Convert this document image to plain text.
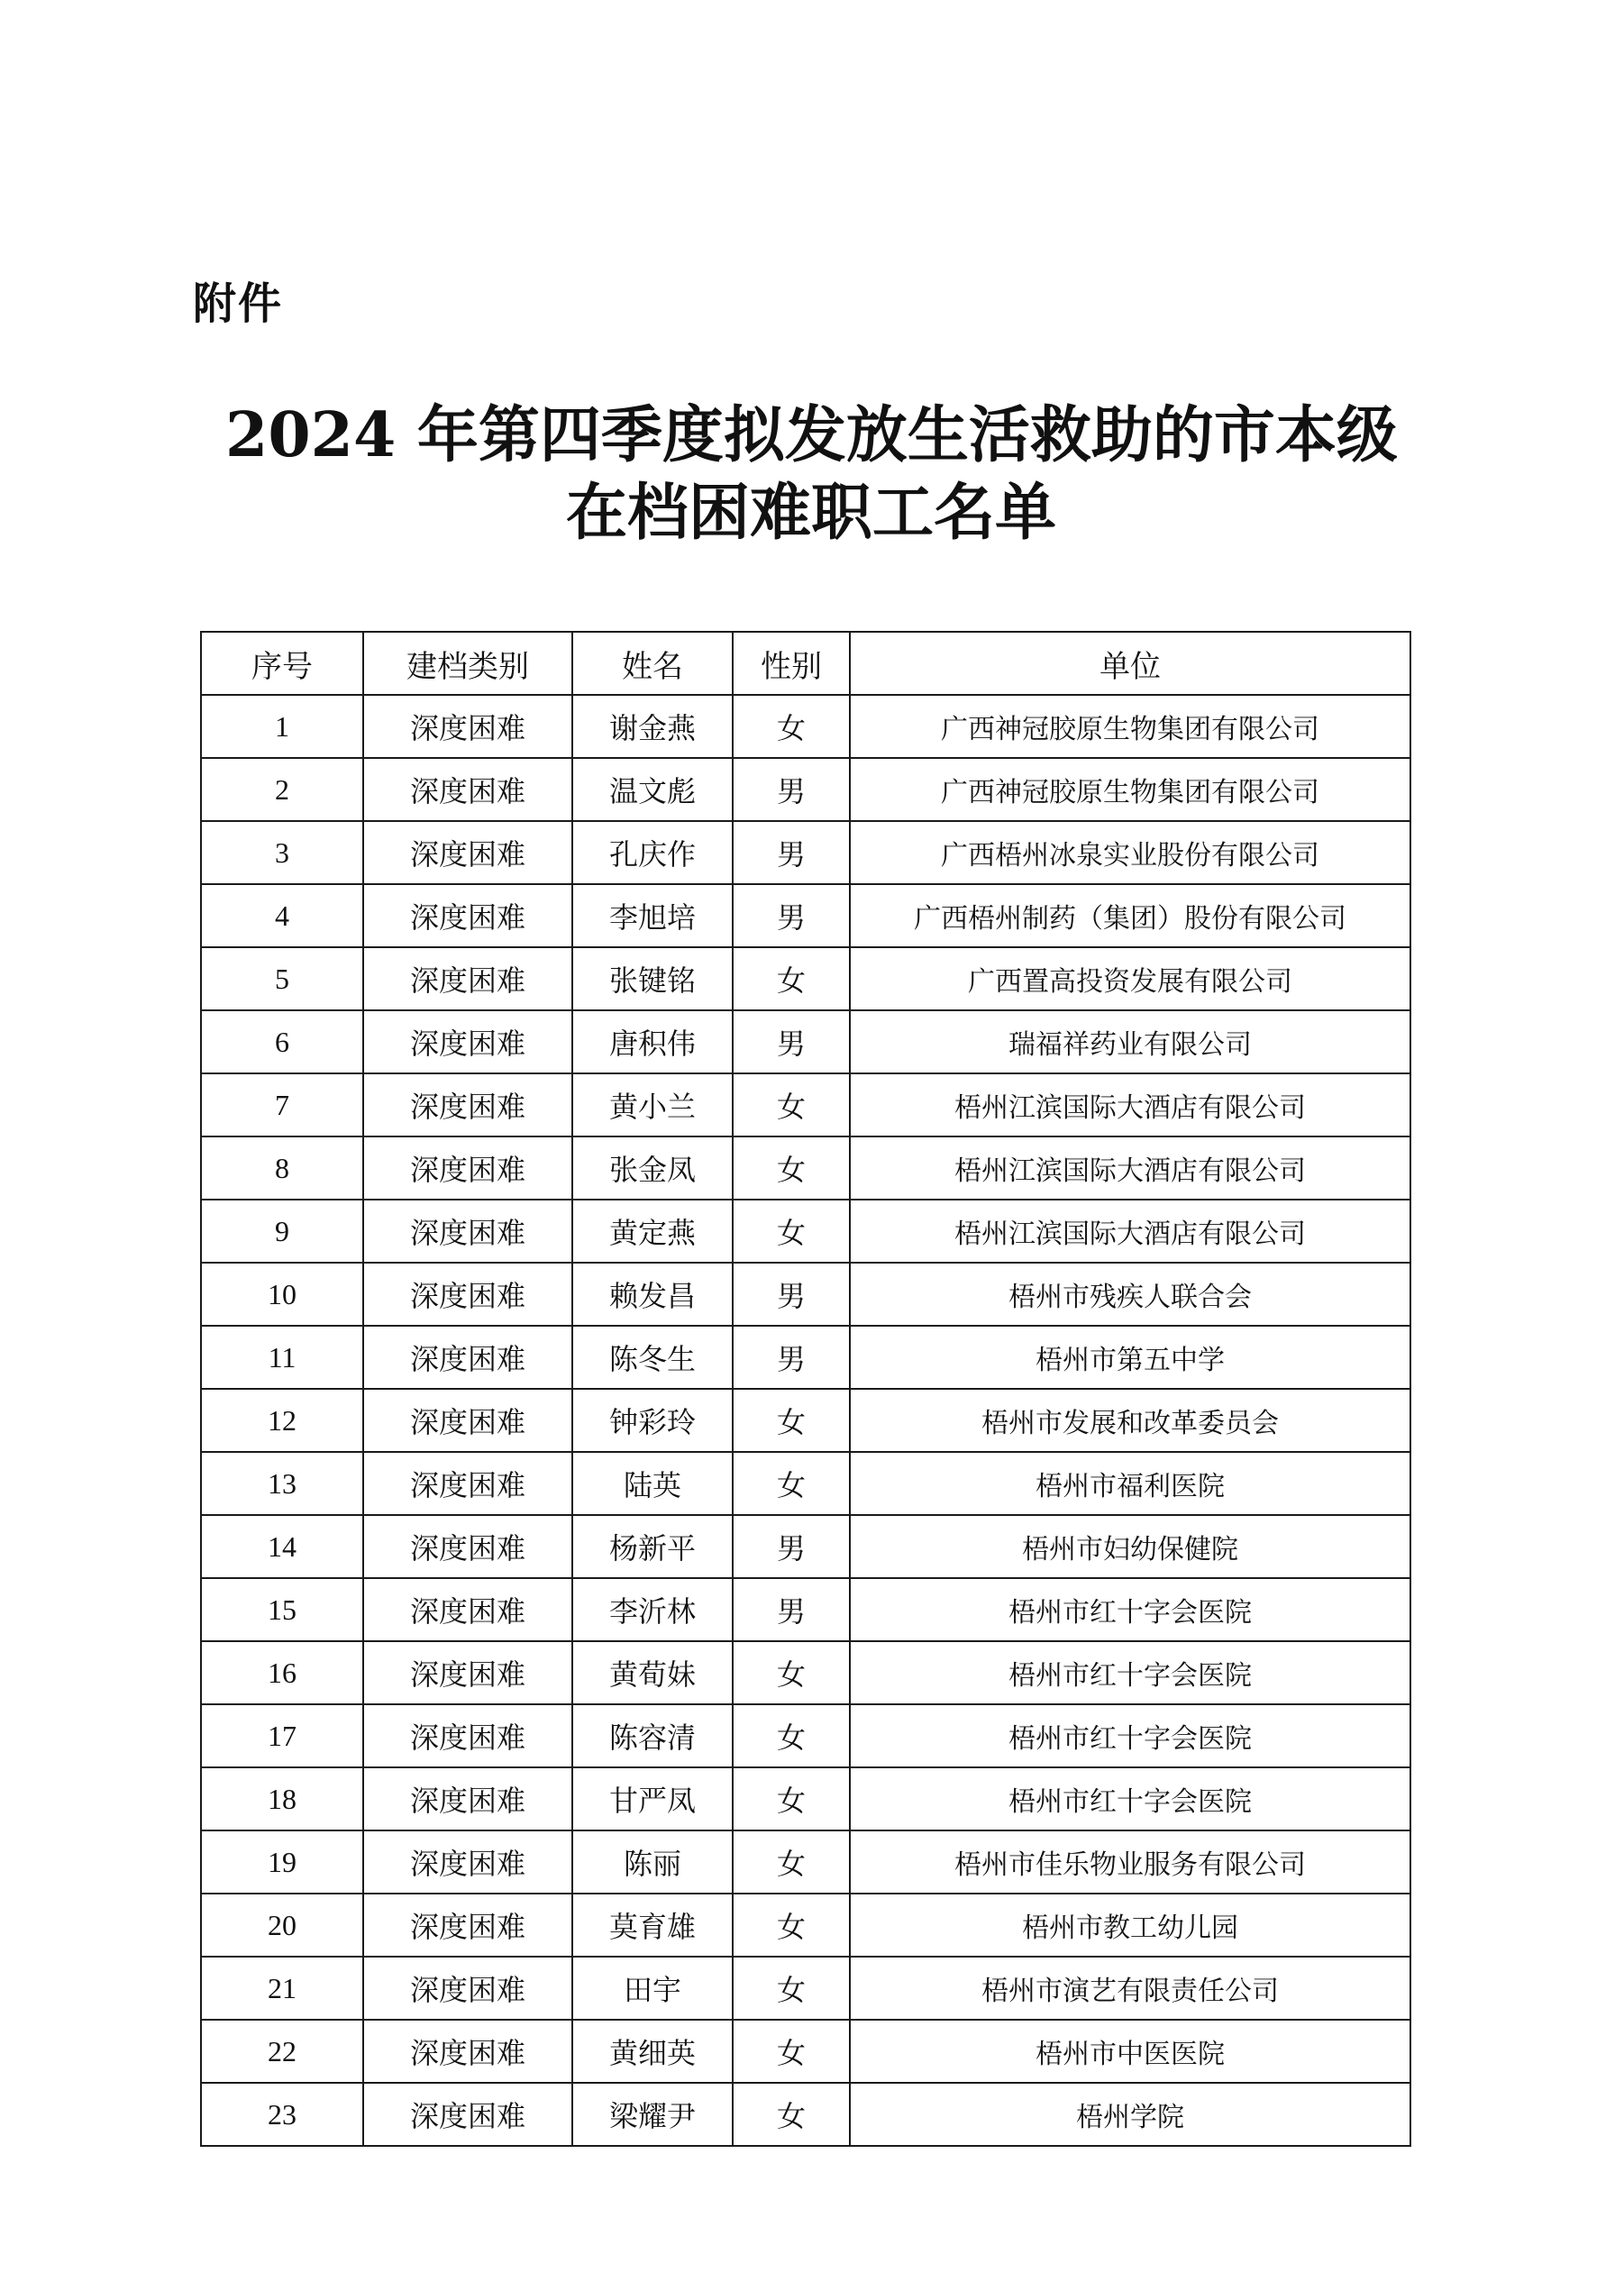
附件
2024 年第四季度拟发放生活救助的市本级
在档困难职工名单
序号	建档类别	姓名	性别	单位
1	深度困难	谢金燕	女	广西神冠胶原生物集团有限公司
2	深度困难	温文彪	男	广西神冠胶原生物集团有限公司
3	深度困难	孔庆作	男	广西梧州冰泉实业股份有限公司
4	深度困难	李旭培	男	广西梧州制药（集团）股份有限公司
5	深度困难	张键铭	女	广西置高投资发展有限公司
6	深度困难	唐积伟	男	瑞福祥药业有限公司
7	深度困难	黄小兰	女	梧州江滨国际大酒店有限公司
8	深度困难	张金凤	女	梧州江滨国际大酒店有限公司
9	深度困难	黄定燕	女	梧州江滨国际大酒店有限公司
10	深度困难	赖发昌	男	梧州市残疾人联合会
11	深度困难	陈冬生	男	梧州市第五中学
12	深度困难	钟彩玲	女	梧州市发展和改革委员会
13	深度困难	陆英	女	梧州市福利医院
14	深度困难	杨新平	男	梧州市妇幼保健院
15	深度困难	李沂林	男	梧州市红十字会医院
16	深度困难	黄荀妹	女	梧州市红十字会医院
17	深度困难	陈容清	女	梧州市红十字会医院
18	深度困难	甘严凤	女	梧州市红十字会医院
19	深度困难	陈丽	女	梧州市佳乐物业服务有限公司
20	深度困难	莫育雄	女	梧州市教工幼儿园
21	深度困难	田宇	女	梧州市演艺有限责任公司
22	深度困难	黄细英	女	梧州市中医医院
23	深度困难	梁耀尹	女	梧州学院
